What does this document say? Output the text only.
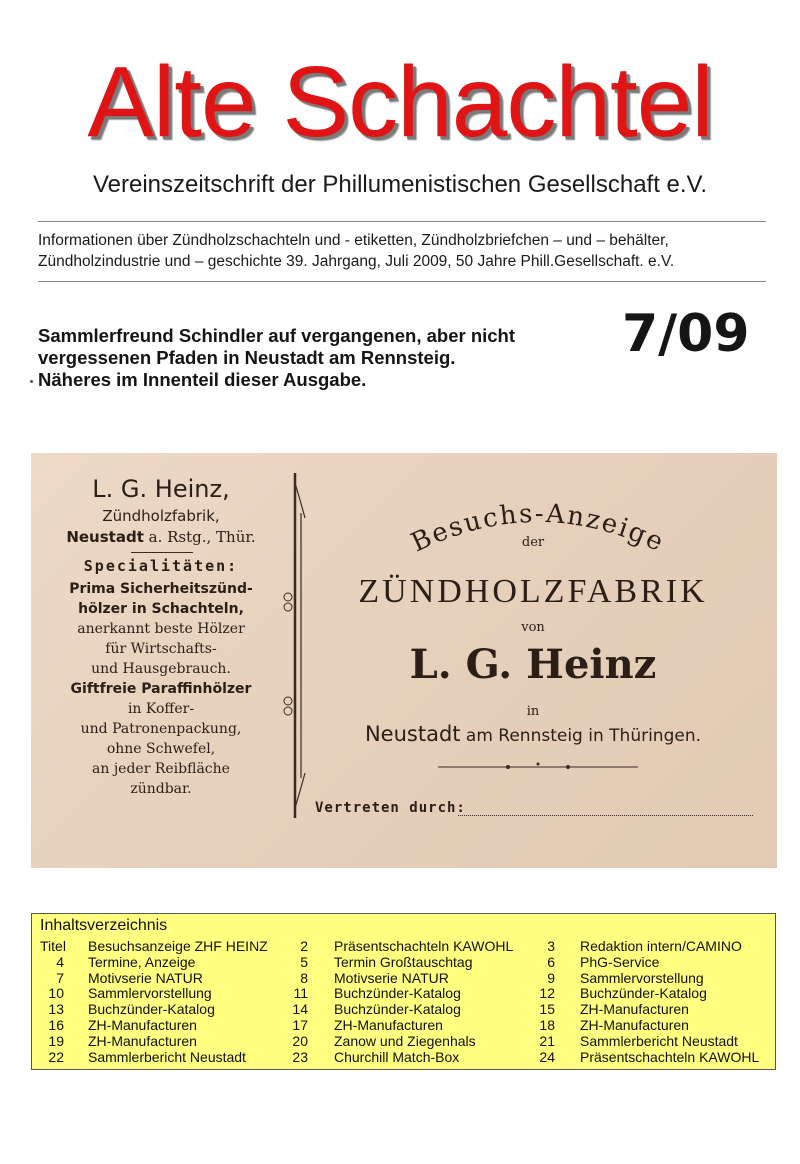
Alte Schachtel
Vereinszeitschrift der Phillumenistischen Gesellschaft e.V.
Informationen über Zündholzschachteln und - etiketten, Zündholzbriefchen – und – behälter,
Zündholzindustrie und – geschichte 39. Jahrgang, Juli 2009, 50 Jahre Phill.Gesellschaft. e.V.
Sammlerfreund Schindler auf vergangenen, aber nicht
vergessenen Pfaden in Neustadt am Rennsteig.
Näheres im Innenteil dieser Ausgabe.
7/09
L. G. Heinz,
Zündholzfabrik,
Neustadt a. Rstg., Thür.
Specialitäten:
Prima Sicherheitszünd-
hölzer in Schachteln,
anerkannt beste Hölzer
für Wirtschafts-
und Hausgebrauch.
Giftfreie Paraffinhölzer
in Koffer-
und Patronenpackung,
ohne Schwefel,
an jeder Reibfläche
zündbar.
Besuchs-Anzeige
der
ZÜNDHOLZFABRIK
von
L. G. Heinz
in
Neustadt am Rennsteig in Thüringen.
Vertreten durch:
Inhaltsverzeichnis
Titel Besuchsanzeige ZHF HEINZ
4 Termine, Anzeige
7 Motivserie NATUR
10 Sammlervorstellung
13 Buchzünder-Katalog
16 ZH-Manufacturen
19 ZH-Manufacturen
22 Sammlerbericht Neustadt
2 Präsentschachteln KAWOHL
5 Termin Großtauschtag
8 Motivserie NATUR
11 Buchzünder-Katalog
14 Buchzünder-Katalog
17 ZH-Manufacturen
20 Zanow und Ziegenhals
23 Churchill Match-Box
3 Redaktion intern/CAMINO
6 PhG-Service
9 Sammlervorstellung
12 Buchzünder-Katalog
15 ZH-Manufacturen
18 ZH-Manufacturen
21 Sammlerbericht Neustadt
24 Präsentschachteln KAWOHL
